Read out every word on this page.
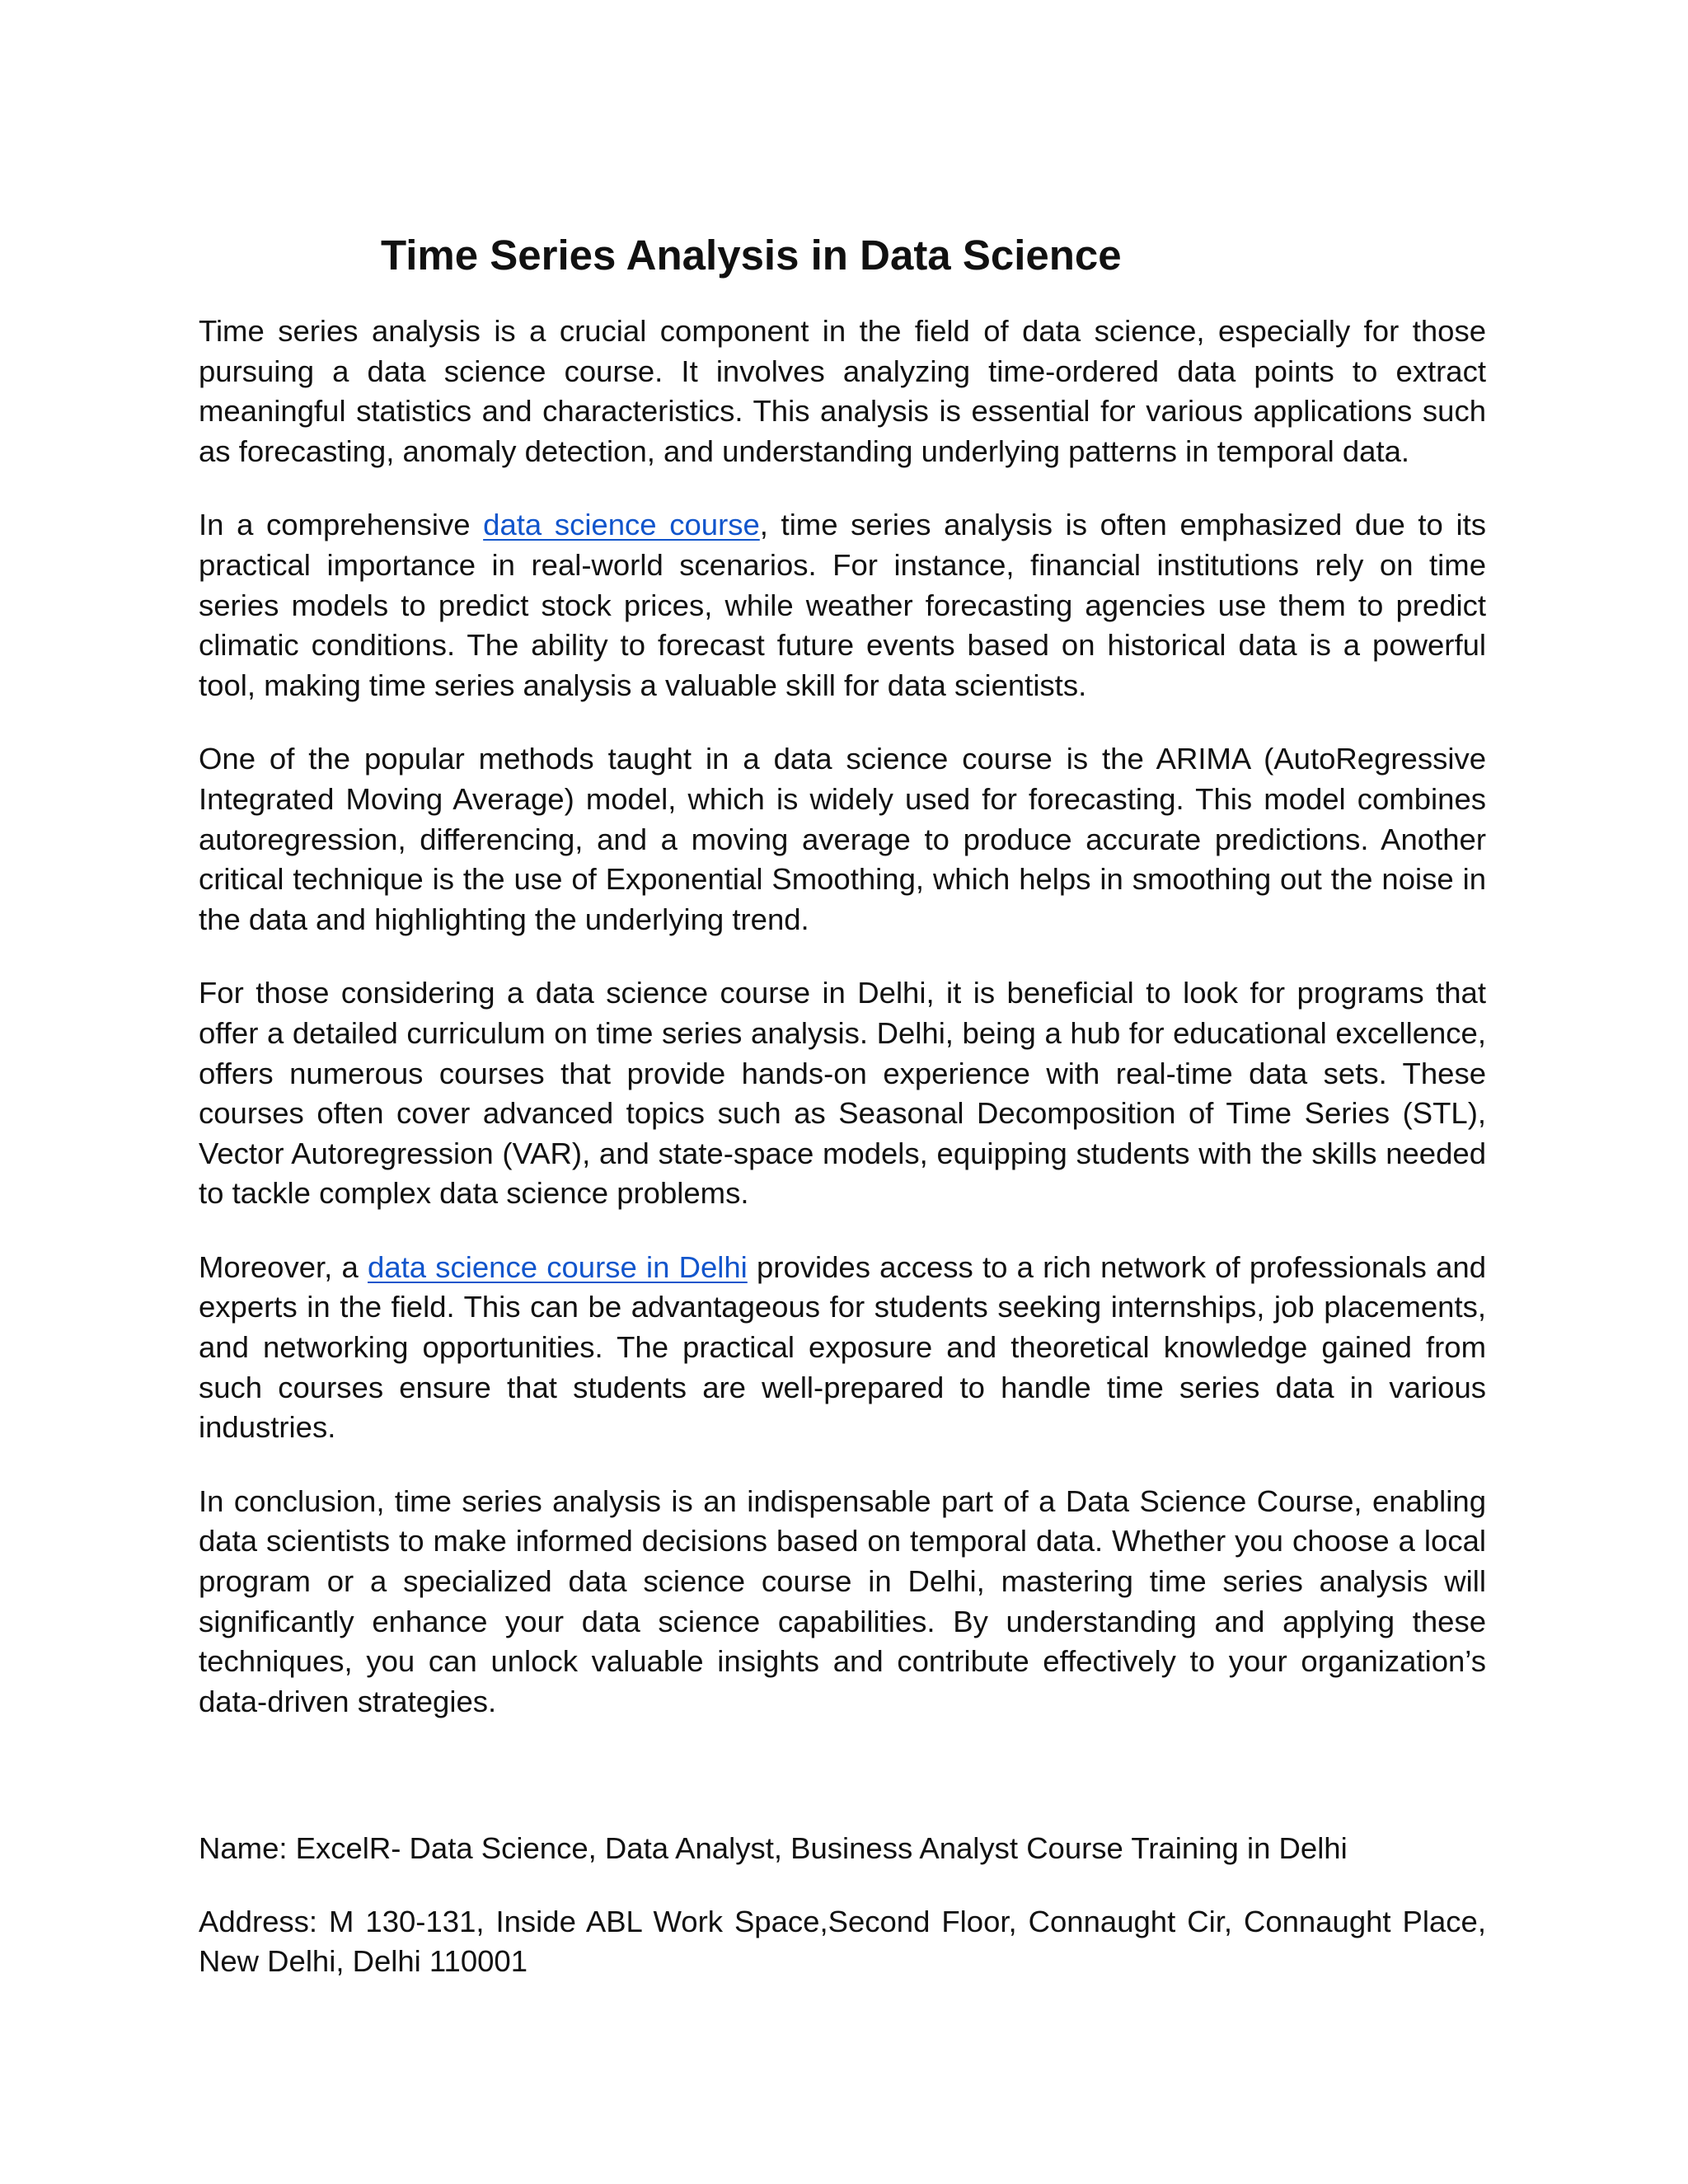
Time Series Analysis in Data Science

Time series analysis is a crucial component in the field of data science, especially for those pursuing a data science course. It involves analyzing time-ordered data points to extract meaningful statistics and characteristics. This analysis is essential for various applications such as forecasting, anomaly detection, and understanding underlying patterns in temporal data.

In a comprehensive data science course, time series analysis is often emphasized due to its practical importance in real-world scenarios. For instance, financial institutions rely on time series models to predict stock prices, while weather forecasting agencies use them to predict climatic conditions. The ability to forecast future events based on historical data is a powerful tool, making time series analysis a valuable skill for data scientists.

One of the popular methods taught in a data science course is the ARIMA (AutoRegressive Integrated Moving Average) model, which is widely used for forecasting. This model combines autoregression, differencing, and a moving average to produce accurate predictions. Another critical technique is the use of Exponential Smoothing, which helps in smoothing out the noise in the data and highlighting the underlying trend.

For those considering a data science course in Delhi, it is beneficial to look for programs that offer a detailed curriculum on time series analysis. Delhi, being a hub for educational excellence, offers numerous courses that provide hands-on experience with real-time data sets. These courses often cover advanced topics such as Seasonal Decomposition of Time Series (STL), Vector Autoregression (VAR), and state-space models, equipping students with the skills needed to tackle complex data science problems.

Moreover, a data science course in Delhi provides access to a rich network of professionals and experts in the field. This can be advantageous for students seeking internships, job placements, and networking opportunities. The practical exposure and theoretical knowledge gained from such courses ensure that students are well-prepared to handle time series data in various industries.

In conclusion, time series analysis is an indispensable part of a Data Science Course, enabling data scientists to make informed decisions based on temporal data. Whether you choose a local program or a specialized data science course in Delhi, mastering time series analysis will significantly enhance your data science capabilities. By understanding and applying these techniques, you can unlock valuable insights and contribute effectively to your organization’s data-driven strategies.

Name: ExcelR- Data Science, Data Analyst, Business Analyst Course Training in Delhi

Address: M 130-131, Inside ABL Work Space,Second Floor, Connaught Cir, Connaught Place, New Delhi, Delhi 110001
